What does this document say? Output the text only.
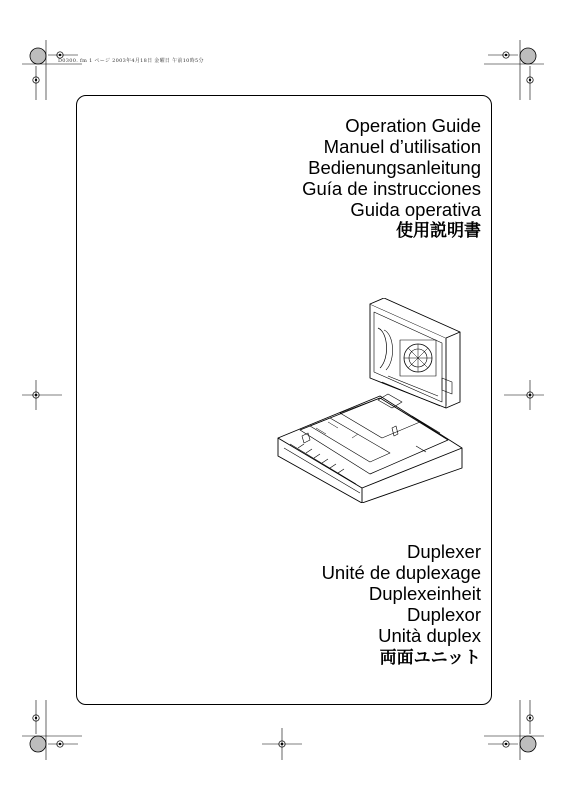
D0300. fm 1 ページ 2003年4月18日 金曜日 午前10時5分
Operation Guide
Manuel d’utilisation
Bedienungsanleitung
Guía de instrucciones
Guida operativa
使用説明書
Duplexer
Unité de duplexage
Duplexeinheit
Duplexor
Unità duplex
両面ユニット
